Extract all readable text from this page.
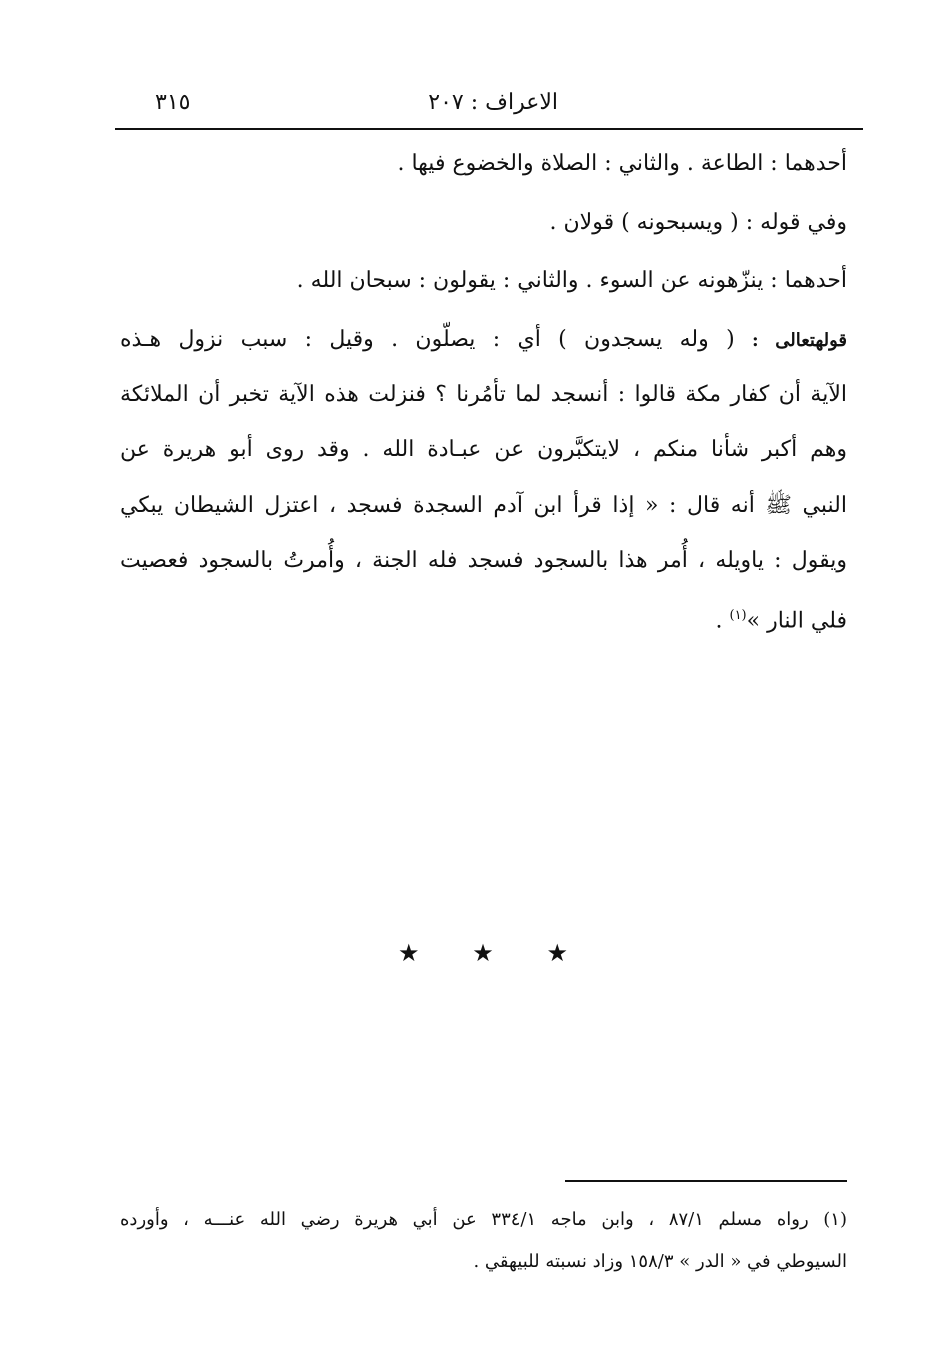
الاعراف : ٢٠٧
٣١٥
أحدهما : الطاعة . والثاني : الصلاة والخضوع فيها .
وفي قوله : ( ويسبحونه ) قولان .
أحدهما : ينزّهونه عن السوء . والثاني : يقولون : سبحان الله .
قولهتعالى : ( وله يسجدون ) أي : يصلّون . وقيل : سبب نزول هـذه
الآية أن كفار مكة قالوا : أنسجد لما تأمُرنا ؟ فنزلت هذه الآية تخبر أن الملائكة
وهم أكبر شأنا منكم ، لايتكبَّرون عن عبـادة الله . وقد روى أبو هريرة عن
النبي ﷺ أنه قال : « إذا قرأ ابن آدم السجدة فسجد ، اعتزل الشيطان يبكي
ويقول : ياويله ، أُمر هذا بالسجود فسجد فله الجنة ، وأُمرتُ بالسجود فعصيت
فلي النار »$^{(١)}$ .
★ ★ ★
(١) رواه مسلم ٨٧/١ ، وابن ماجه ٣٣٤/١ عن أبي هريرة رضي الله عنـــه ، وأورده
السيوطي في « الدر » ١٥٨/٣ وزاد نسبته للبيهقي .
